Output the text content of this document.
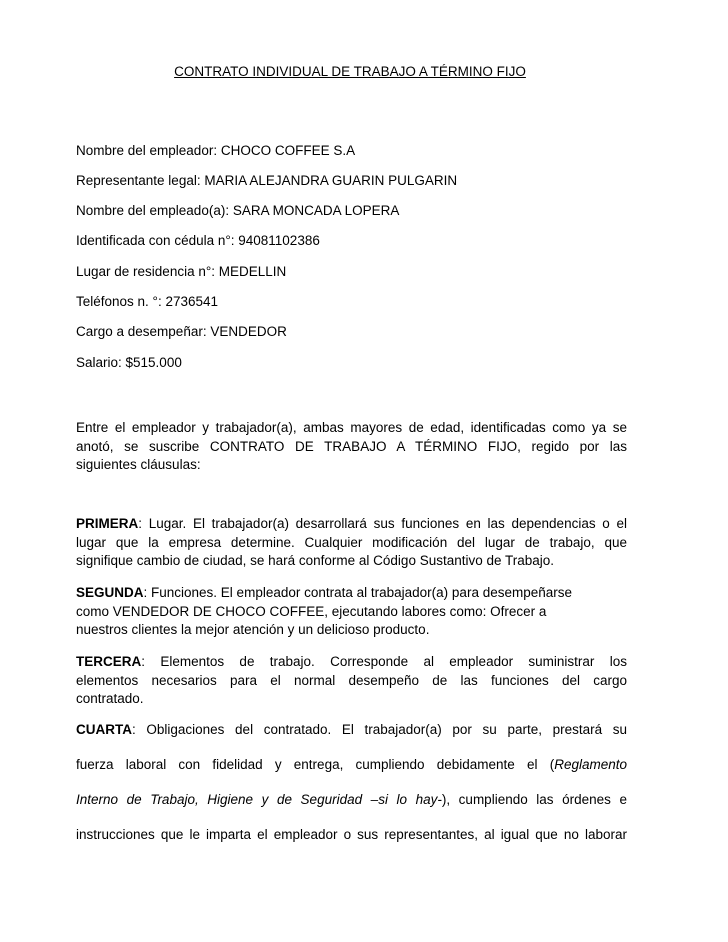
CONTRATO INDIVIDUAL DE TRABAJO A TÉRMINO FIJO
Nombre del empleador: CHOCO COFFEE S.A
Representante legal: MARIA ALEJANDRA GUARIN PULGARIN
Nombre del empleado(a): SARA MONCADA LOPERA
Identificada con cédula n°: 94081102386
Lugar de residencia n°: MEDELLIN
Teléfonos n. °: 2736541
Cargo a desempeñar: VENDEDOR
Salario: $515.000
Entre el empleador y trabajador(a), ambas mayores de edad, identificadas como ya se
anotó, se suscribe CONTRATO DE TRABAJO A TÉRMINO FIJO, regido por las
siguientes cláusulas:
PRIMERA: Lugar. El trabajador(a) desarrollará sus funciones en las dependencias o el
lugar que la empresa determine. Cualquier modificación del lugar de trabajo, que
signifique cambio de ciudad, se hará conforme al Código Sustantivo de Trabajo.
SEGUNDA: Funciones. El empleador contrata al trabajador(a) para desempeñarse
como VENDEDOR DE CHOCO COFFEE, ejecutando labores como: Ofrecer a
nuestros clientes la mejor atención y un delicioso producto.
TERCERA: Elementos de trabajo. Corresponde al empleador suministrar los
elementos necesarios para el normal desempeño de las funciones del cargo
contratado.
CUARTA: Obligaciones del contratado. El trabajador(a) por su parte, prestará su
fuerza laboral con fidelidad y entrega, cumpliendo debidamente el (Reglamento
Interno de Trabajo, Higiene y de Seguridad –si lo hay-), cumpliendo las órdenes e
instrucciones que le imparta el empleador o sus representantes, al igual que no laborar
